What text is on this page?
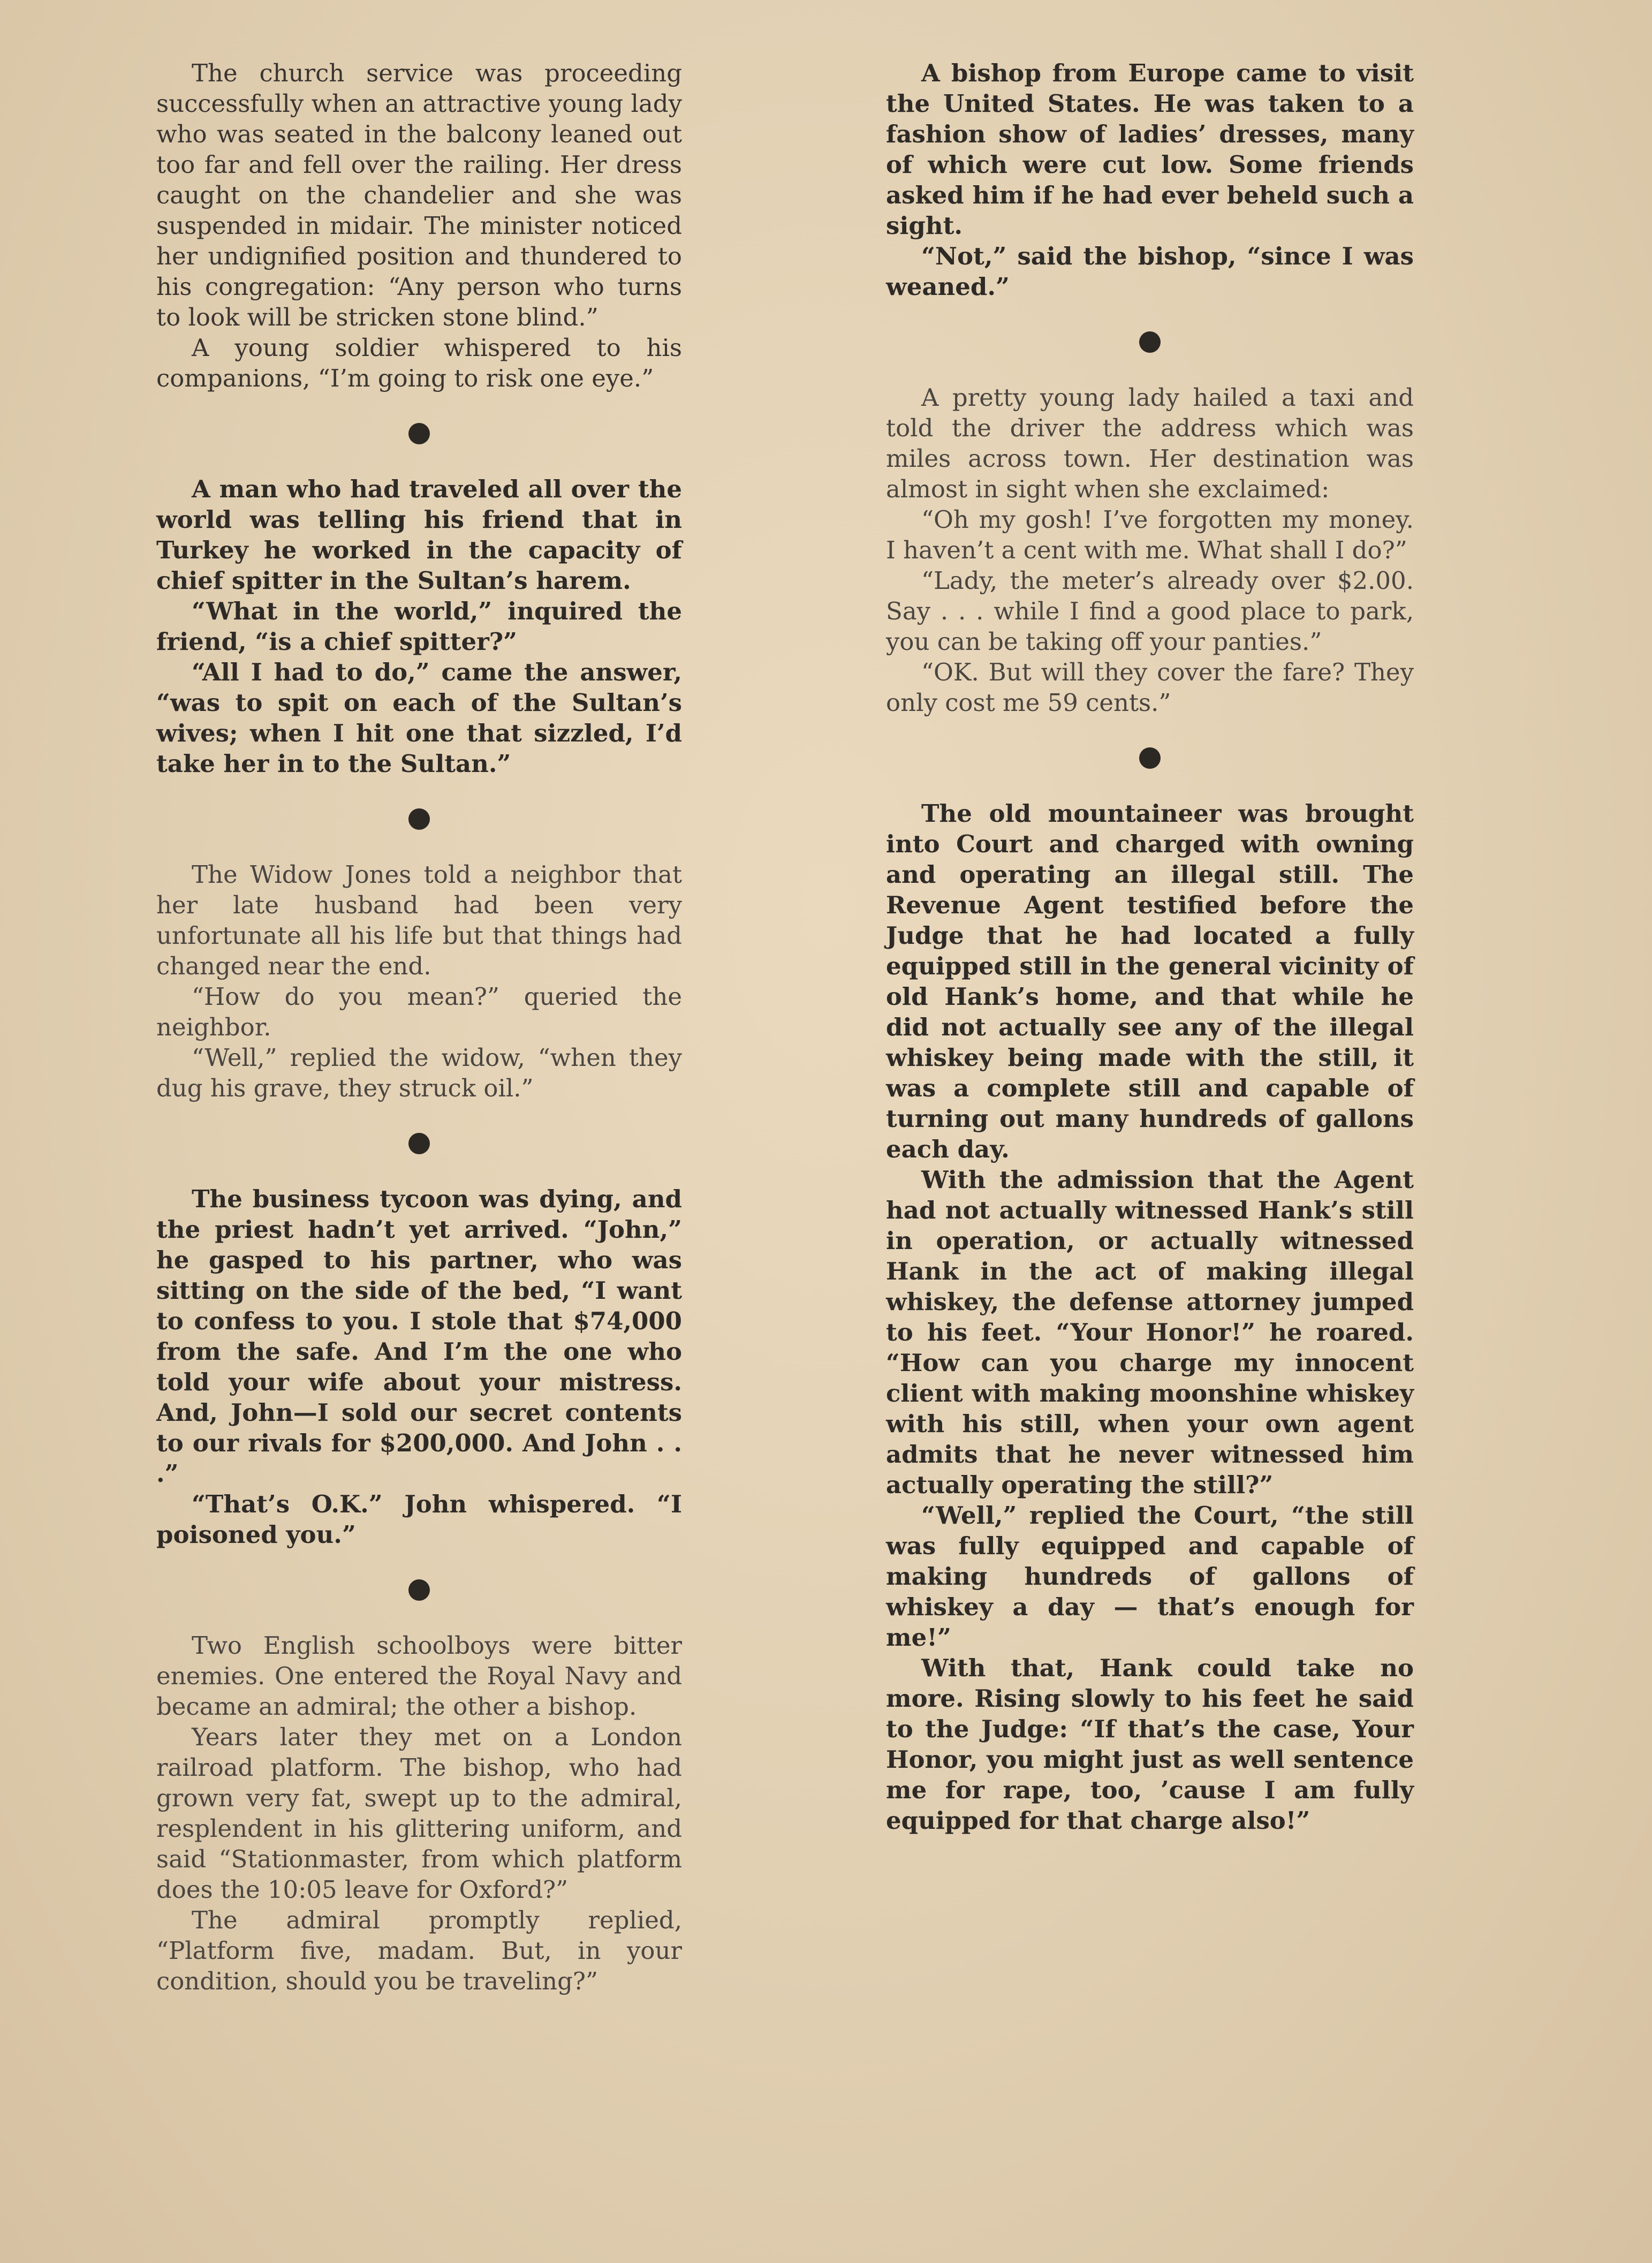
The church service was proceeding successfully when an attractive young lady who was seated in the balcony leaned out too far and fell over the railing. Her dress caught on the chandelier and she was suspended in midair. The minister noticed her undignified position and thundered to his congregation: “Any person who turns to look will be stricken stone blind.”

A young soldier whispered to his companions, “I’m going to risk one eye.”

A man who had traveled all over the world was telling his friend that in Turkey he worked in the capacity of chief spitter in the Sultan’s harem.

“What in the world,” inquired the friend, “is a chief spitter?”

“All I had to do,” came the answer, “was to spit on each of the Sultan’s wives; when I hit one that sizzled, I’d take her in to the Sultan.”

The Widow Jones told a neighbor that her late husband had been very unfortunate all his life but that things had changed near the end.

“How do you mean?” queried the neighbor.

“Well,” replied the widow, “when they dug his grave, they struck oil.”

The business tycoon was dying, and the priest hadn’t yet arrived. “John,” he gasped to his partner, who was sitting on the side of the bed, “I want to confess to you. I stole that $74,000 from the safe. And I’m the one who told your wife about your mistress. And, John—I sold our secret contents to our rivals for $200,000. And John . . .”

“That’s O.K.” John whispered. “I poisoned you.”

Two English schoolboys were bitter enemies. One entered the Royal Navy and became an admiral; the other a bishop.

Years later they met on a London railroad platform. The bishop, who had grown very fat, swept up to the admiral, resplendent in his glittering uniform, and said “Stationmaster, from which platform does the 10:05 leave for Oxford?”

The admiral promptly replied, “Platform five, madam. But, in your condition, should you be traveling?”

A bishop from Europe came to visit the United States. He was taken to a fashion show of ladies’ dresses, many of which were cut low. Some friends asked him if he had ever beheld such a sight.

“Not,” said the bishop, “since I was weaned.”

A pretty young lady hailed a taxi and told the driver the address which was miles across town. Her destination was almost in sight when she exclaimed:

“Oh my gosh! I’ve forgotten my money. I haven’t a cent with me. What shall I do?”

“Lady, the meter’s already over $2.00. Say . . . while I find a good place to park, you can be taking off your panties.”

“OK. But will they cover the fare? They only cost me 59 cents.”

The old mountaineer was brought into Court and charged with owning and operating an illegal still. The Revenue Agent testified before the Judge that he had located a fully equipped still in the general vicinity of old Hank’s home, and that while he did not actually see any of the illegal whiskey being made with the still, it was a complete still and capable of turning out many hundreds of gallons each day.

With the admission that the Agent had not actually witnessed Hank’s still in operation, or actually witnessed Hank in the act of making illegal whiskey, the defense attorney jumped to his feet. “Your Honor!” he roared. “How can you charge my innocent client with making moonshine whiskey with his still, when your own agent admits that he never witnessed him actually operating the still?”

“Well,” replied the Court, “the still was fully equipped and capable of making hundreds of gallons of whiskey a day — that’s enough for me!”

With that, Hank could take no more. Rising slowly to his feet he said to the Judge: “If that’s the case, Your Honor, you might just as well sentence me for rape, too, ’cause I am fully equipped for that charge also!”
